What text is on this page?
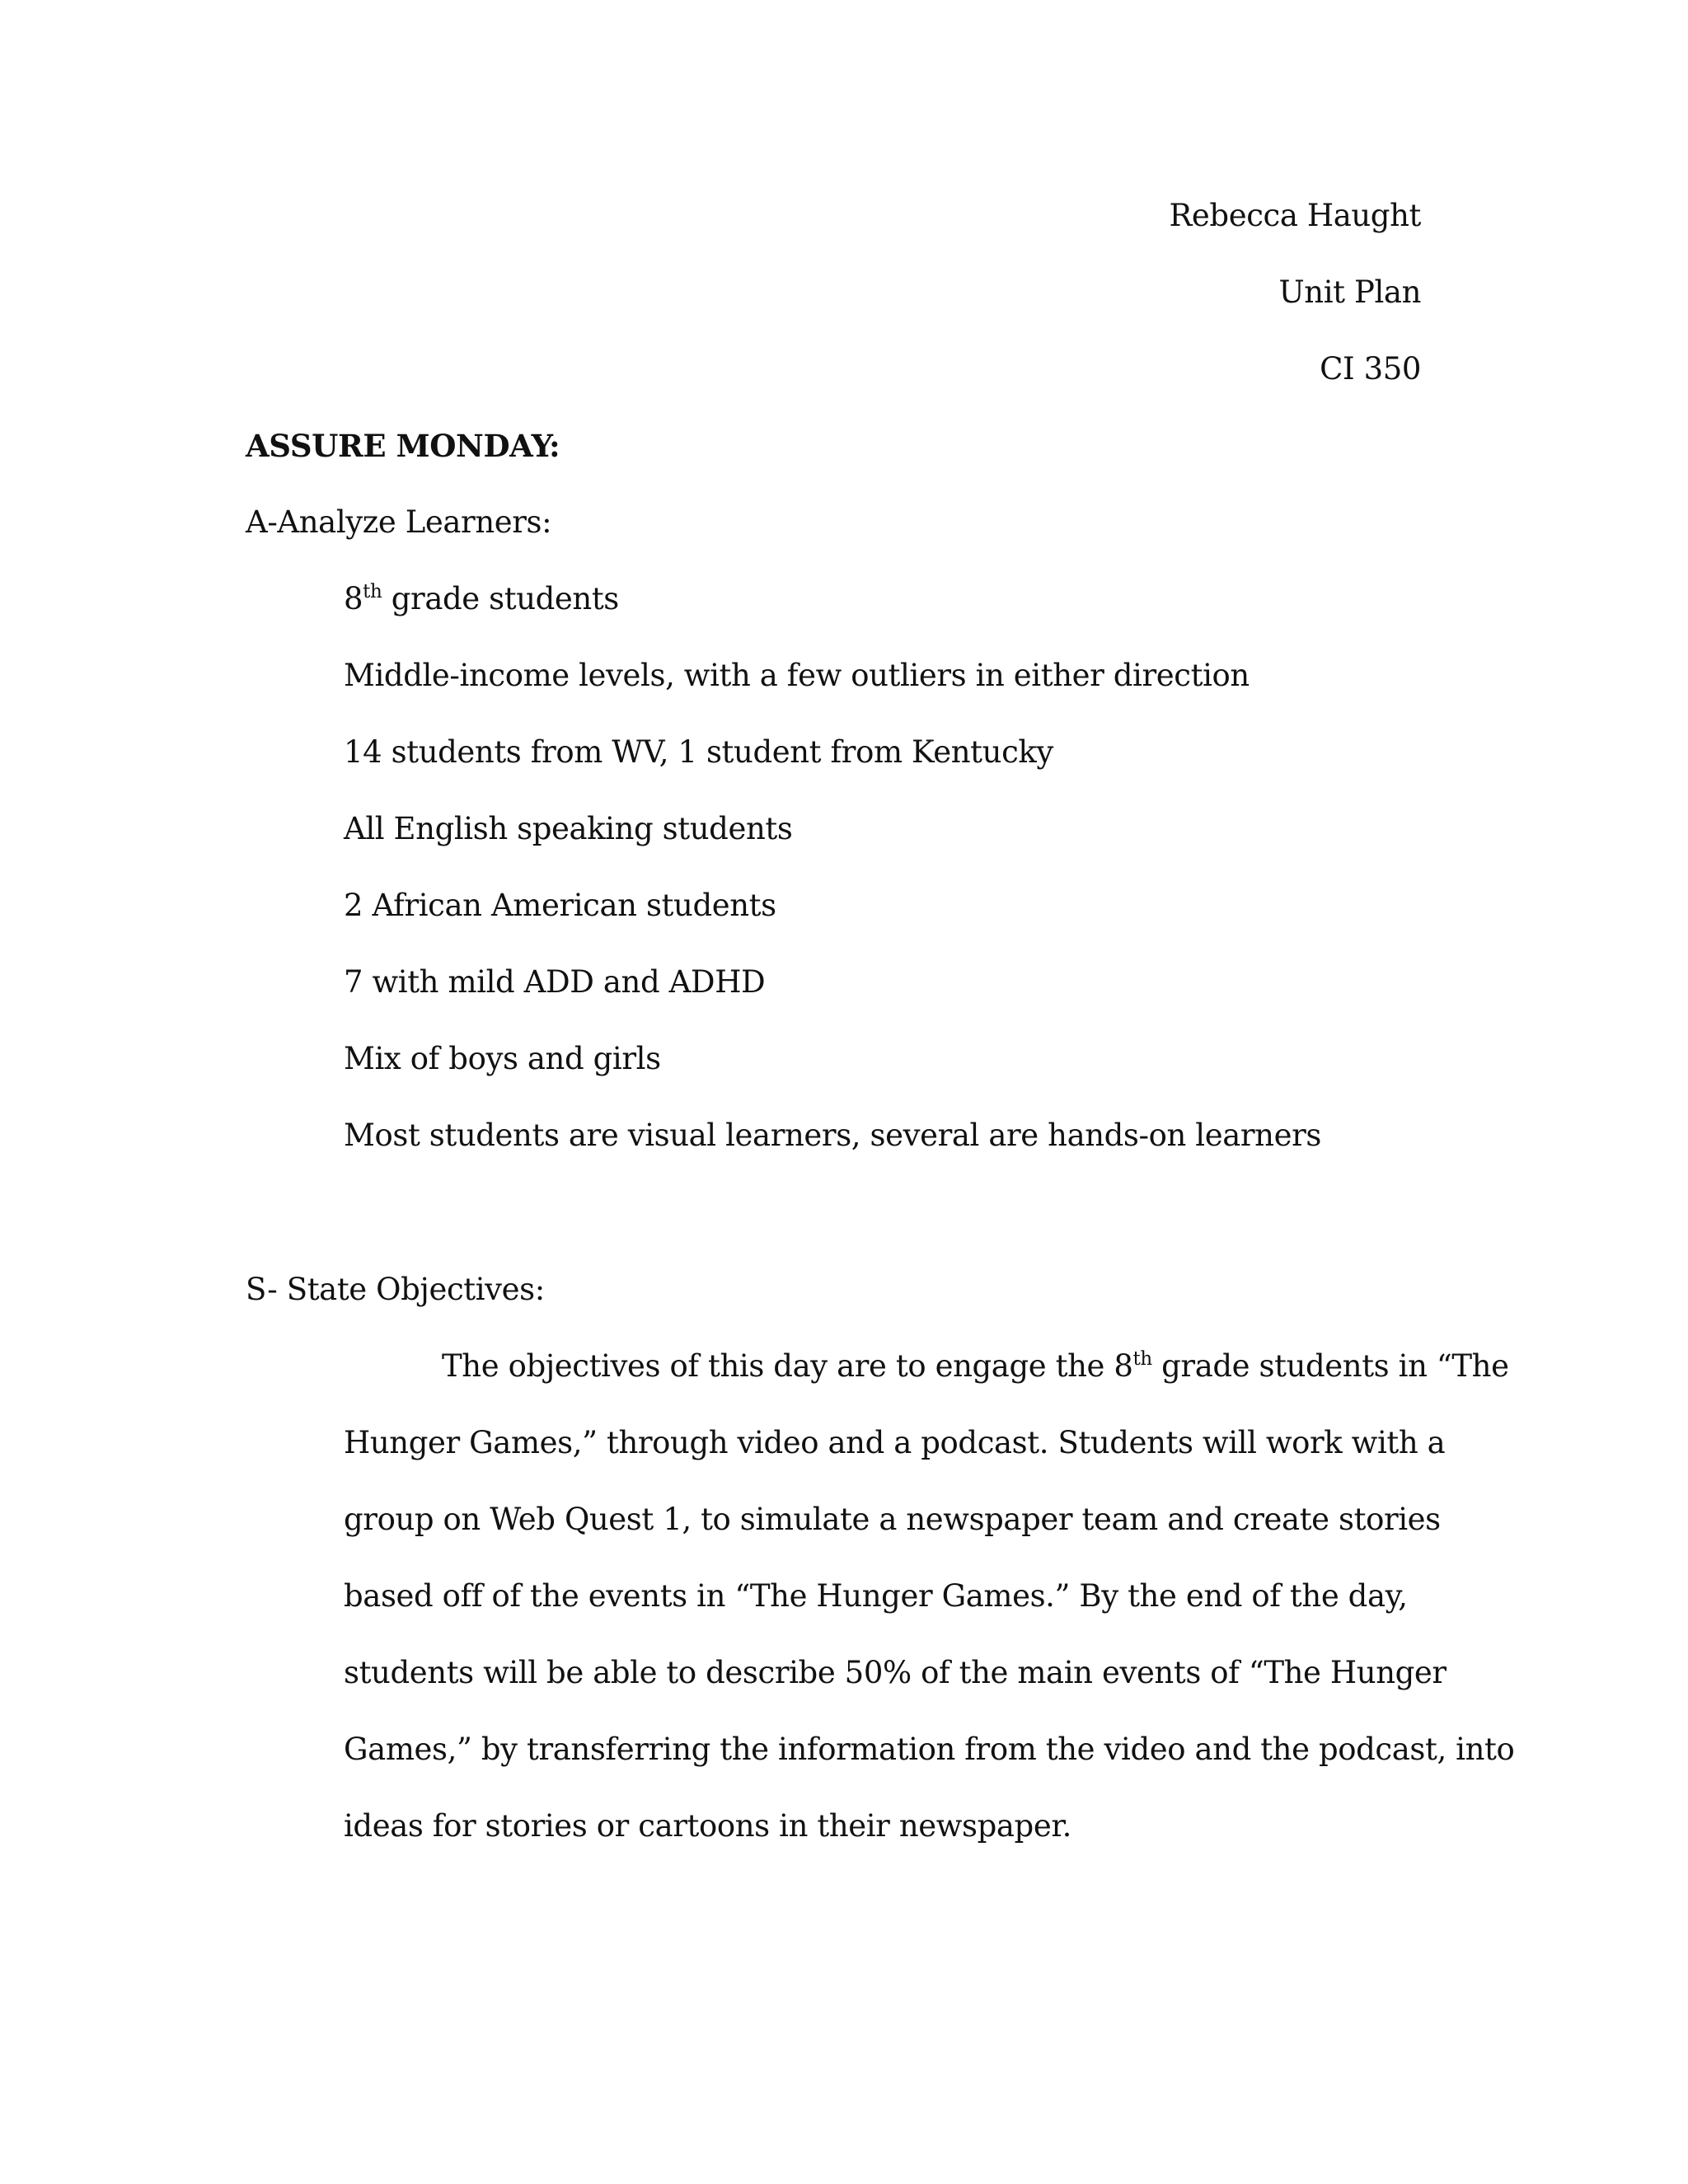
Rebecca Haught
Unit Plan
CI 350
ASSURE MONDAY:
A-Analyze Learners:
8th grade students
Middle-income levels, with a few outliers in either direction
14 students from WV, 1 student from Kentucky
All English speaking students
2 African American students
7 with mild ADD and ADHD
Mix of boys and girls
Most students are visual learners, several are hands-on learners
S- State Objectives:
The objectives of this day are to engage the 8th grade students in “The
Hunger Games,” through video and a podcast. Students will work with a
group on Web Quest 1, to simulate a newspaper team and create stories
based off of the events in “The Hunger Games.” By the end of the day,
students will be able to describe 50% of the main events of “The Hunger
Games,” by transferring the information from the video and the podcast, into
ideas for stories or cartoons in their newspaper.
